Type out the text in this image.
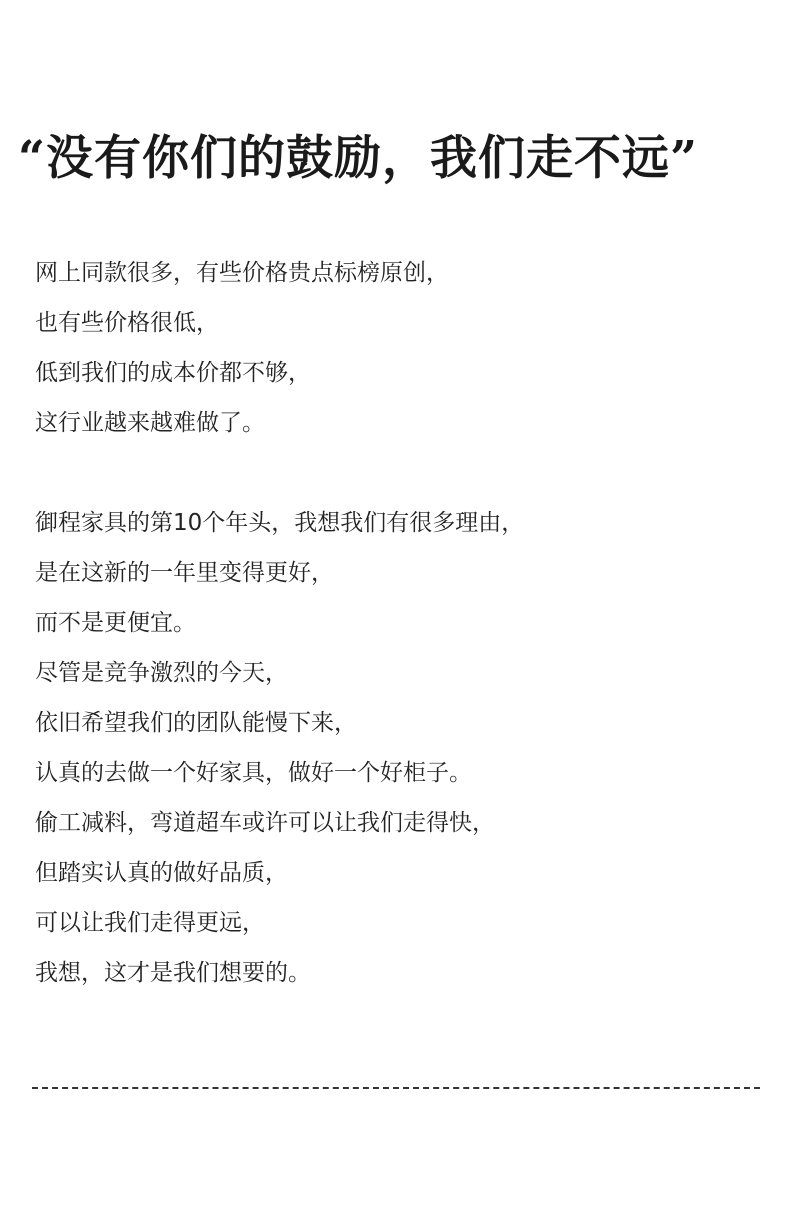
“没有你们的鼓励，我们走不远”
网上同款很多，有些价格贵点标榜原创，
也有些价格很低，
低到我们的成本价都不够，
这行业越来越难做了。
御程家具的第10个年头，我想我们有很多理由，
是在这新的一年里变得更好，
而不是更便宜。
尽管是竞争激烈的今天，
依旧希望我们的团队能慢下来，
认真的去做一个好家具，做好一个好柜子。
偷工减料，弯道超车或许可以让我们走得快，
但踏实认真的做好品质，
可以让我们走得更远，
我想，这才是我们想要的。
